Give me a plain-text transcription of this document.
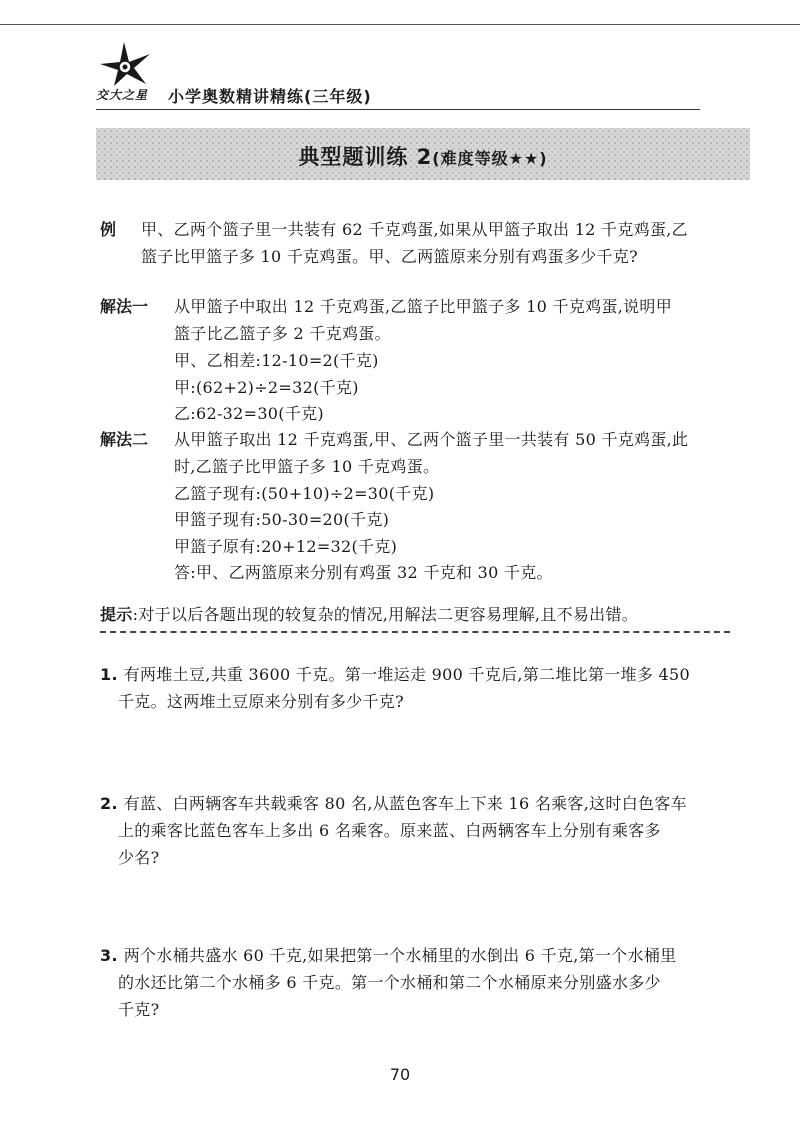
交大之星 小学奥数精讲精练(三年级)
典型题训练 2(难度等级★★)
例 甲、乙两个篮子里一共装有 62 千克鸡蛋,如果从甲篮子取出 12 千克鸡蛋,乙
篮子比甲篮子多 10 千克鸡蛋。甲、乙两篮原来分别有鸡蛋多少千克?
解法一 从甲篮子中取出 12 千克鸡蛋,乙篮子比甲篮子多 10 千克鸡蛋,说明甲
篮子比乙篮子多 2 千克鸡蛋。
甲、乙相差:12-10=2(千克)
甲:(62+2)÷2=32(千克)
乙:62-32=30(千克)
解法二 从甲篮子取出 12 千克鸡蛋,甲、乙两个篮子里一共装有 50 千克鸡蛋,此
时,乙篮子比甲篮子多 10 千克鸡蛋。
乙篮子现有:(50+10)÷2=30(千克)
甲篮子现有:50-30=20(千克)
甲篮子原有:20+12=32(千克)
答:甲、乙两篮原来分别有鸡蛋 32 千克和 30 千克。
提示:对于以后各题出现的较复杂的情况,用解法二更容易理解,且不易出错。
1. 有两堆土豆,共重 3600 千克。第一堆运走 900 千克后,第二堆比第一堆多 450
千克。这两堆土豆原来分别有多少千克?
2. 有蓝、白两辆客车共载乘客 80 名,从蓝色客车上下来 16 名乘客,这时白色客车
上的乘客比蓝色客车上多出 6 名乘客。原来蓝、白两辆客车上分别有乘客多
少名?
3. 两个水桶共盛水 60 千克,如果把第一个水桶里的水倒出 6 千克,第一个水桶里
的水还比第二个水桶多 6 千克。第一个水桶和第二个水桶原来分别盛水多少
千克?
70
